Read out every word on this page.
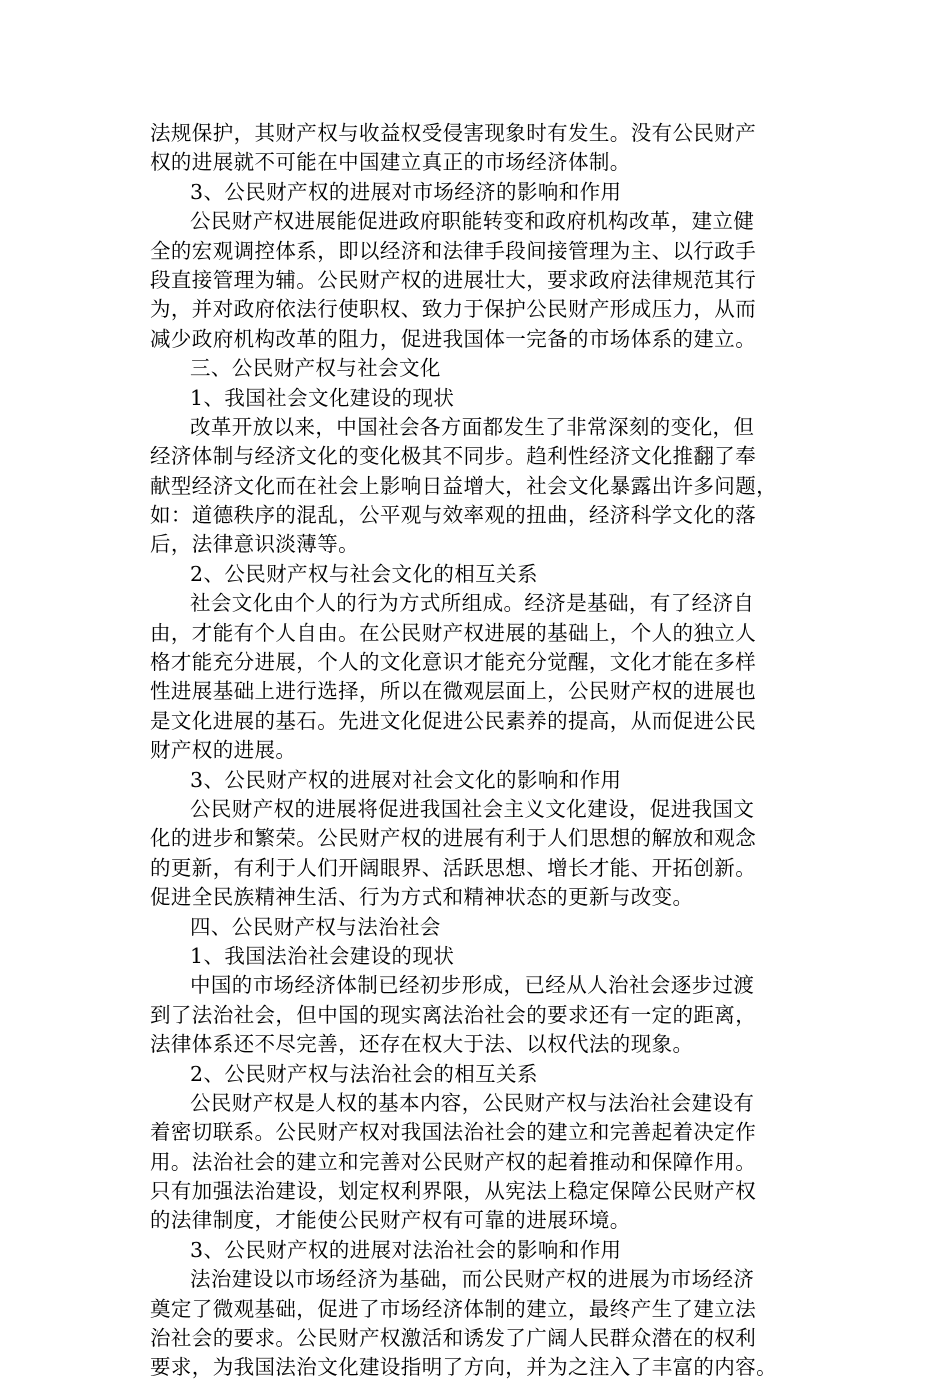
法规保护，其财产权与收益权受侵害现象时有发生。没有公民财产
权的进展就不可能在中国建立真正的市场经济体制。
3、公民财产权的进展对市场经济的影响和作用
公民财产权进展能促进政府职能转变和政府机构改革，建立健
全的宏观调控体系，即以经济和法律手段间接管理为主、以行政手
段直接管理为辅。公民财产权的进展壮大，要求政府法律规范其行
为，并对政府依法行使职权、致力于保护公民财产形成压力，从而
减少政府机构改革的阻力，促进我国体一完备的市场体系的建立。
三、公民财产权与社会文化
1、我国社会文化建设的现状
改革开放以来，中国社会各方面都发生了非常深刻的变化，但
经济体制与经济文化的变化极其不同步。趋利性经济文化推翻了奉
献型经济文化而在社会上影响日益增大，社会文化暴露出许多问题，
如：道德秩序的混乱，公平观与效率观的扭曲，经济科学文化的落
后，法律意识淡薄等。
2、公民财产权与社会文化的相互关系
社会文化由个人的行为方式所组成。经济是基础，有了经济自
由，才能有个人自由。在公民财产权进展的基础上，个人的独立人
格才能充分进展，个人的文化意识才能充分觉醒，文化才能在多样
性进展基础上进行选择，所以在微观层面上，公民财产权的进展也
是文化进展的基石。先进文化促进公民素养的提高，从而促进公民
财产权的进展。
3、公民财产权的进展对社会文化的影响和作用
公民财产权的进展将促进我国社会主义文化建设，促进我国文
化的进步和繁荣。公民财产权的进展有利于人们思想的解放和观念
的更新，有利于人们开阔眼界、活跃思想、增长才能、开拓创新。
促进全民族精神生活、行为方式和精神状态的更新与改变。
四、公民财产权与法治社会
1、我国法治社会建设的现状
中国的市场经济体制已经初步形成，已经从人治社会逐步过渡
到了法治社会，但中国的现实离法治社会的要求还有一定的距离，
法律体系还不尽完善，还存在权大于法、以权代法的现象。
2、公民财产权与法治社会的相互关系
公民财产权是人权的基本内容，公民财产权与法治社会建设有
着密切联系。公民财产权对我国法治社会的建立和完善起着决定作
用。法治社会的建立和完善对公民财产权的起着推动和保障作用。
只有加强法治建设，划定权利界限，从宪法上稳定保障公民财产权
的法律制度，才能使公民财产权有可靠的进展环境。
3、公民财产权的进展对法治社会的影响和作用
法治建设以市场经济为基础，而公民财产权的进展为市场经济
奠定了微观基础，促进了市场经济体制的建立，最终产生了建立法
治社会的要求。公民财产权激活和诱发了广阔人民群众潜在的权利
要求，为我国法治文化建设指明了方向，并为之注入了丰富的内容。
